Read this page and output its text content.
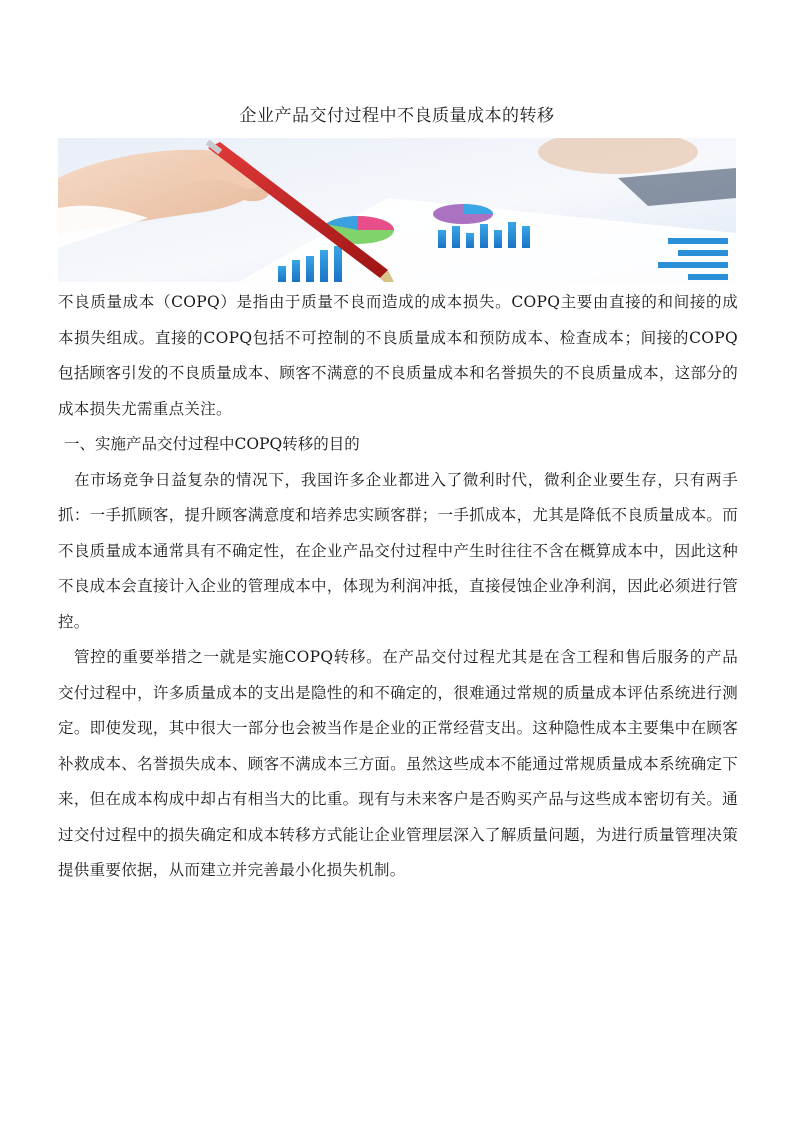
企业产品交付过程中不良质量成本的转移

不良质量成本（COPQ）是指由于质量不良而造成的成本损失。COPQ主要由直接的和间接的成本损失组成。直接的COPQ包括不可控制的不良质量成本和预防成本、检查成本；间接的COPQ包括顾客引发的不良质量成本、顾客不满意的不良质量成本和名誉损失的不良质量成本，这部分的成本损失尤需重点关注。

一、实施产品交付过程中COPQ转移的目的

在市场竞争日益复杂的情况下，我国许多企业都进入了微利时代，微利企业要生存，只有两手抓：一手抓顾客，提升顾客满意度和培养忠实顾客群；一手抓成本，尤其是降低不良质量成本。而不良质量成本通常具有不确定性，在企业产品交付过程中产生时往往不含在概算成本中，因此这种不良成本会直接计入企业的管理成本中，体现为利润冲抵，直接侵蚀企业净利润，因此必须进行管控。

管控的重要举措之一就是实施COPQ转移。在产品交付过程尤其是在含工程和售后服务的产品交付过程中，许多质量成本的支出是隐性的和不确定的，很难通过常规的质量成本评估系统进行测定。即使发现，其中很大一部分也会被当作是企业的正常经营支出。这种隐性成本主要集中在顾客补救成本、名誉损失成本、顾客不满成本三方面。虽然这些成本不能通过常规质量成本系统确定下来，但在成本构成中却占有相当大的比重。现有与未来客户是否购买产品与这些成本密切有关。通过交付过程中的损失确定和成本转移方式能让企业管理层深入了解质量问题，为进行质量管理决策提供重要依据，从而建立并完善最小化损失机制。
